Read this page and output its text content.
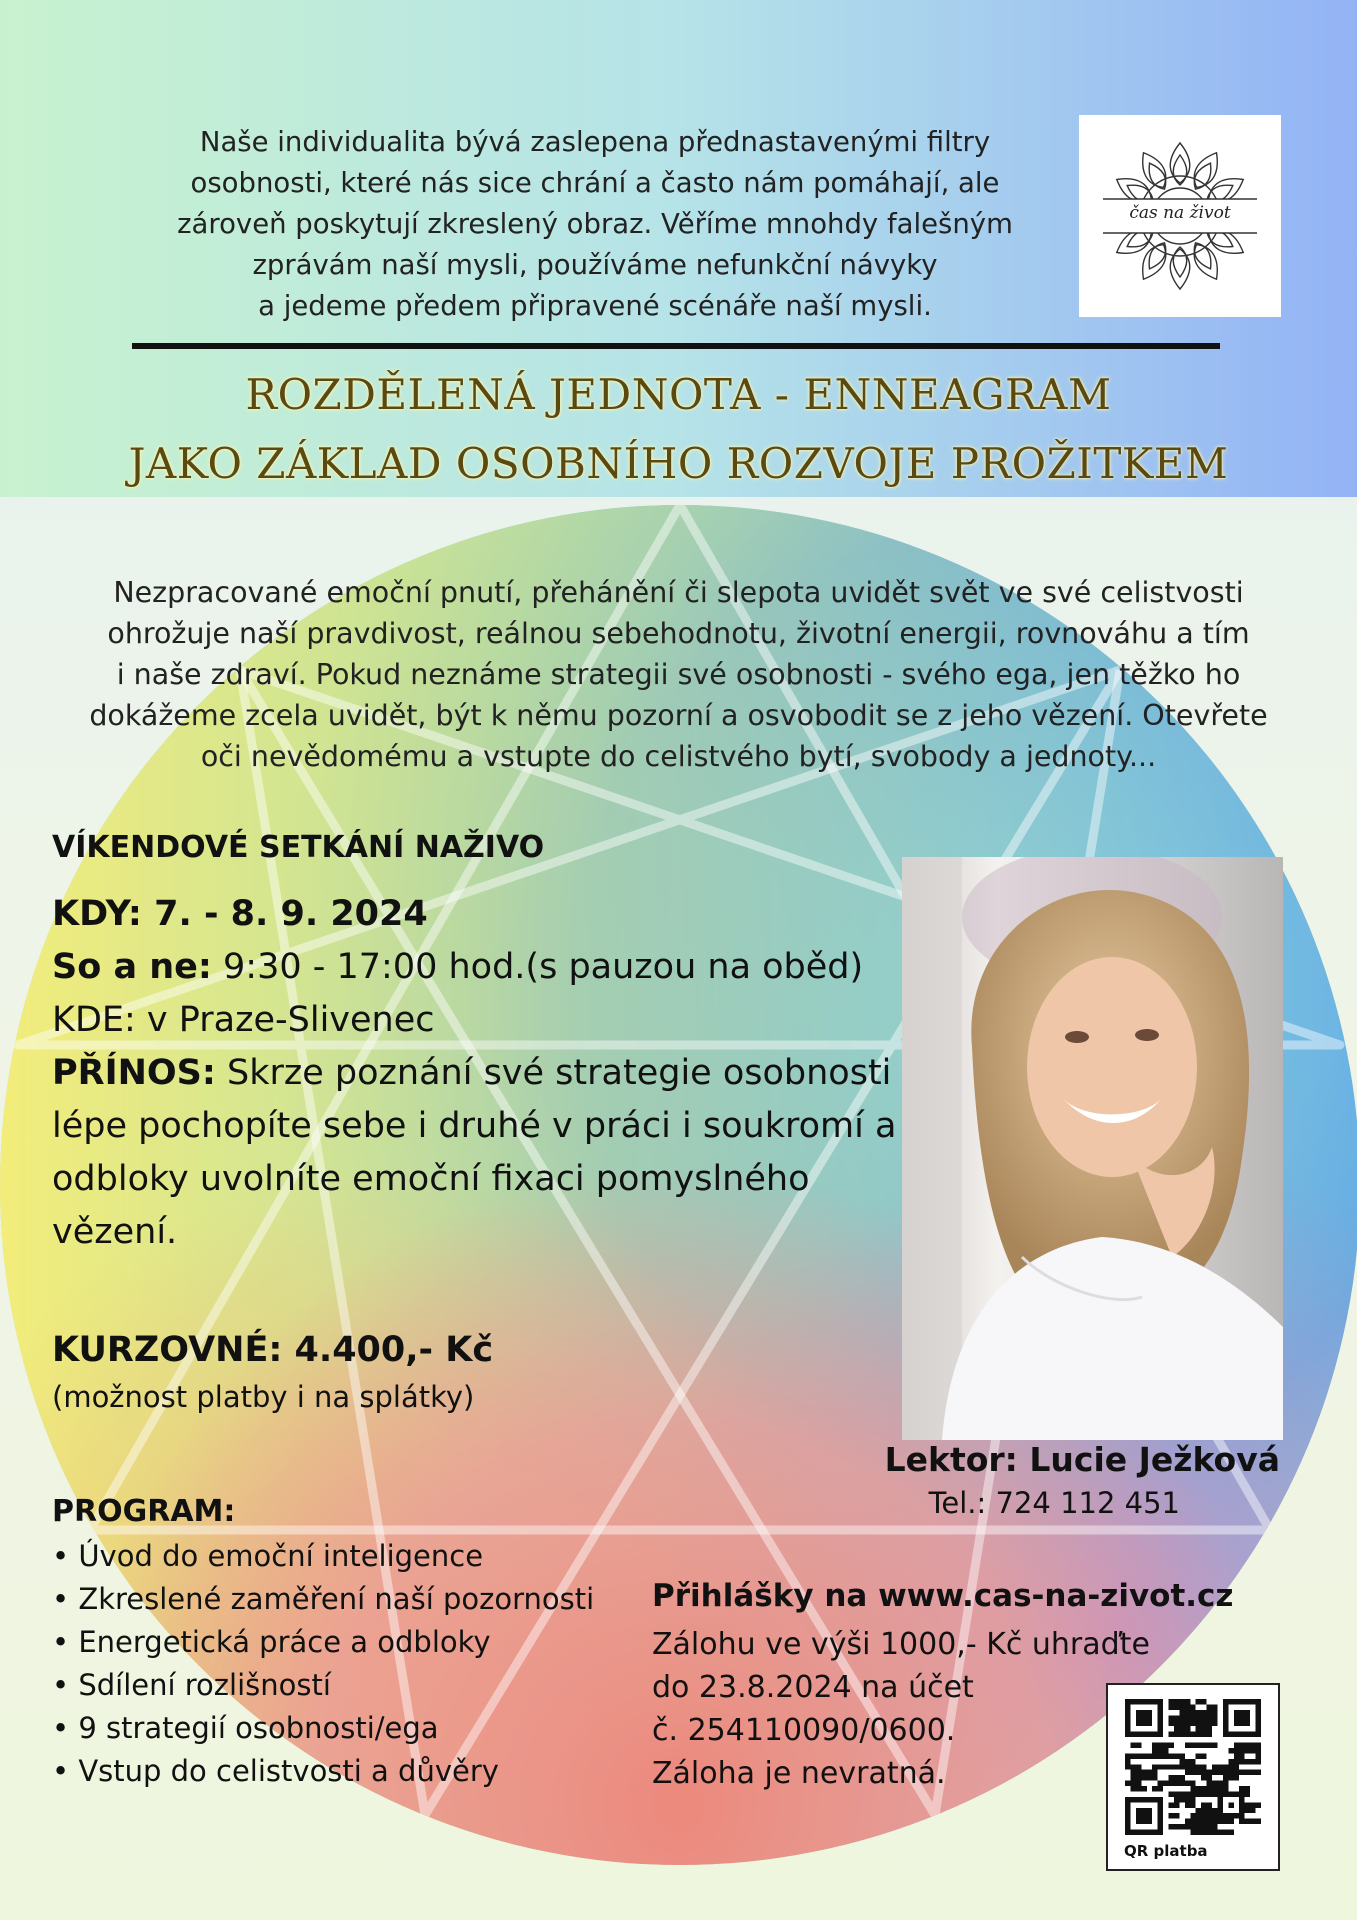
Naše individualita bývá zaslepena přednastavenými filtry
osobnosti, které nás sice chrání a často nám pomáhají, ale
zároveň poskytují zkreslený obraz. Věříme mnohdy falešným
zprávám naší mysli, používáme nefunkční návyky
a jedeme předem připravené scénáře naší mysli.
čas na život
ROZDĚLENÁ JEDNOTA - ENNEAGRAM
JAKO ZÁKLAD OSOBNÍHO ROZVOJE PROŽITKEM
Nezpracované emoční pnutí, přehánění či slepota uvidět svět ve své celistvosti
ohrožuje naší pravdivost, reálnou sebehodnotu, životní energii, rovnováhu a tím
i naše zdraví. Pokud neznáme strategii své osobnosti - svého ega, jen těžko ho
dokážeme zcela uvidět, být k němu pozorní a osvobodit se z jeho vězení. Otevřete
oči nevědomému a vstupte do celistvého bytí, svobody a jednoty...
VÍKENDOVÉ SETKÁNÍ NAŽIVO
KDY: 7. - 8. 9. 2024
So a ne: 9:30 - 17:00 hod.(s pauzou na oběd)
KDE: v Praze-Slivenec
PŘÍNOS: Skrze poznání své strategie osobnosti lépe pochopíte sebe i druhé v práci i soukromí a odbloky uvolníte emoční fixaci pomyslného vězení.
KURZOVNÉ: 4.400,- Kč
(možnost platby i na splátky)
Lektor: Lucie Ježková
Tel.: 724 112 451
PROGRAM:
• Úvod do emoční inteligence
• Zkreslené zaměření naší pozornosti
• Energetická práce a odbloky
• Sdílení rozlišností
• 9 strategií osobnosti/ega
• Vstup do celistvosti a důvěry
Přihlášky na www.cas-na-zivot.cz
Zálohu ve výši 1000,- Kč uhraďte
do 23.8.2024 na účet
č. 254110090/0600.
Záloha je nevratná.
QR platba
